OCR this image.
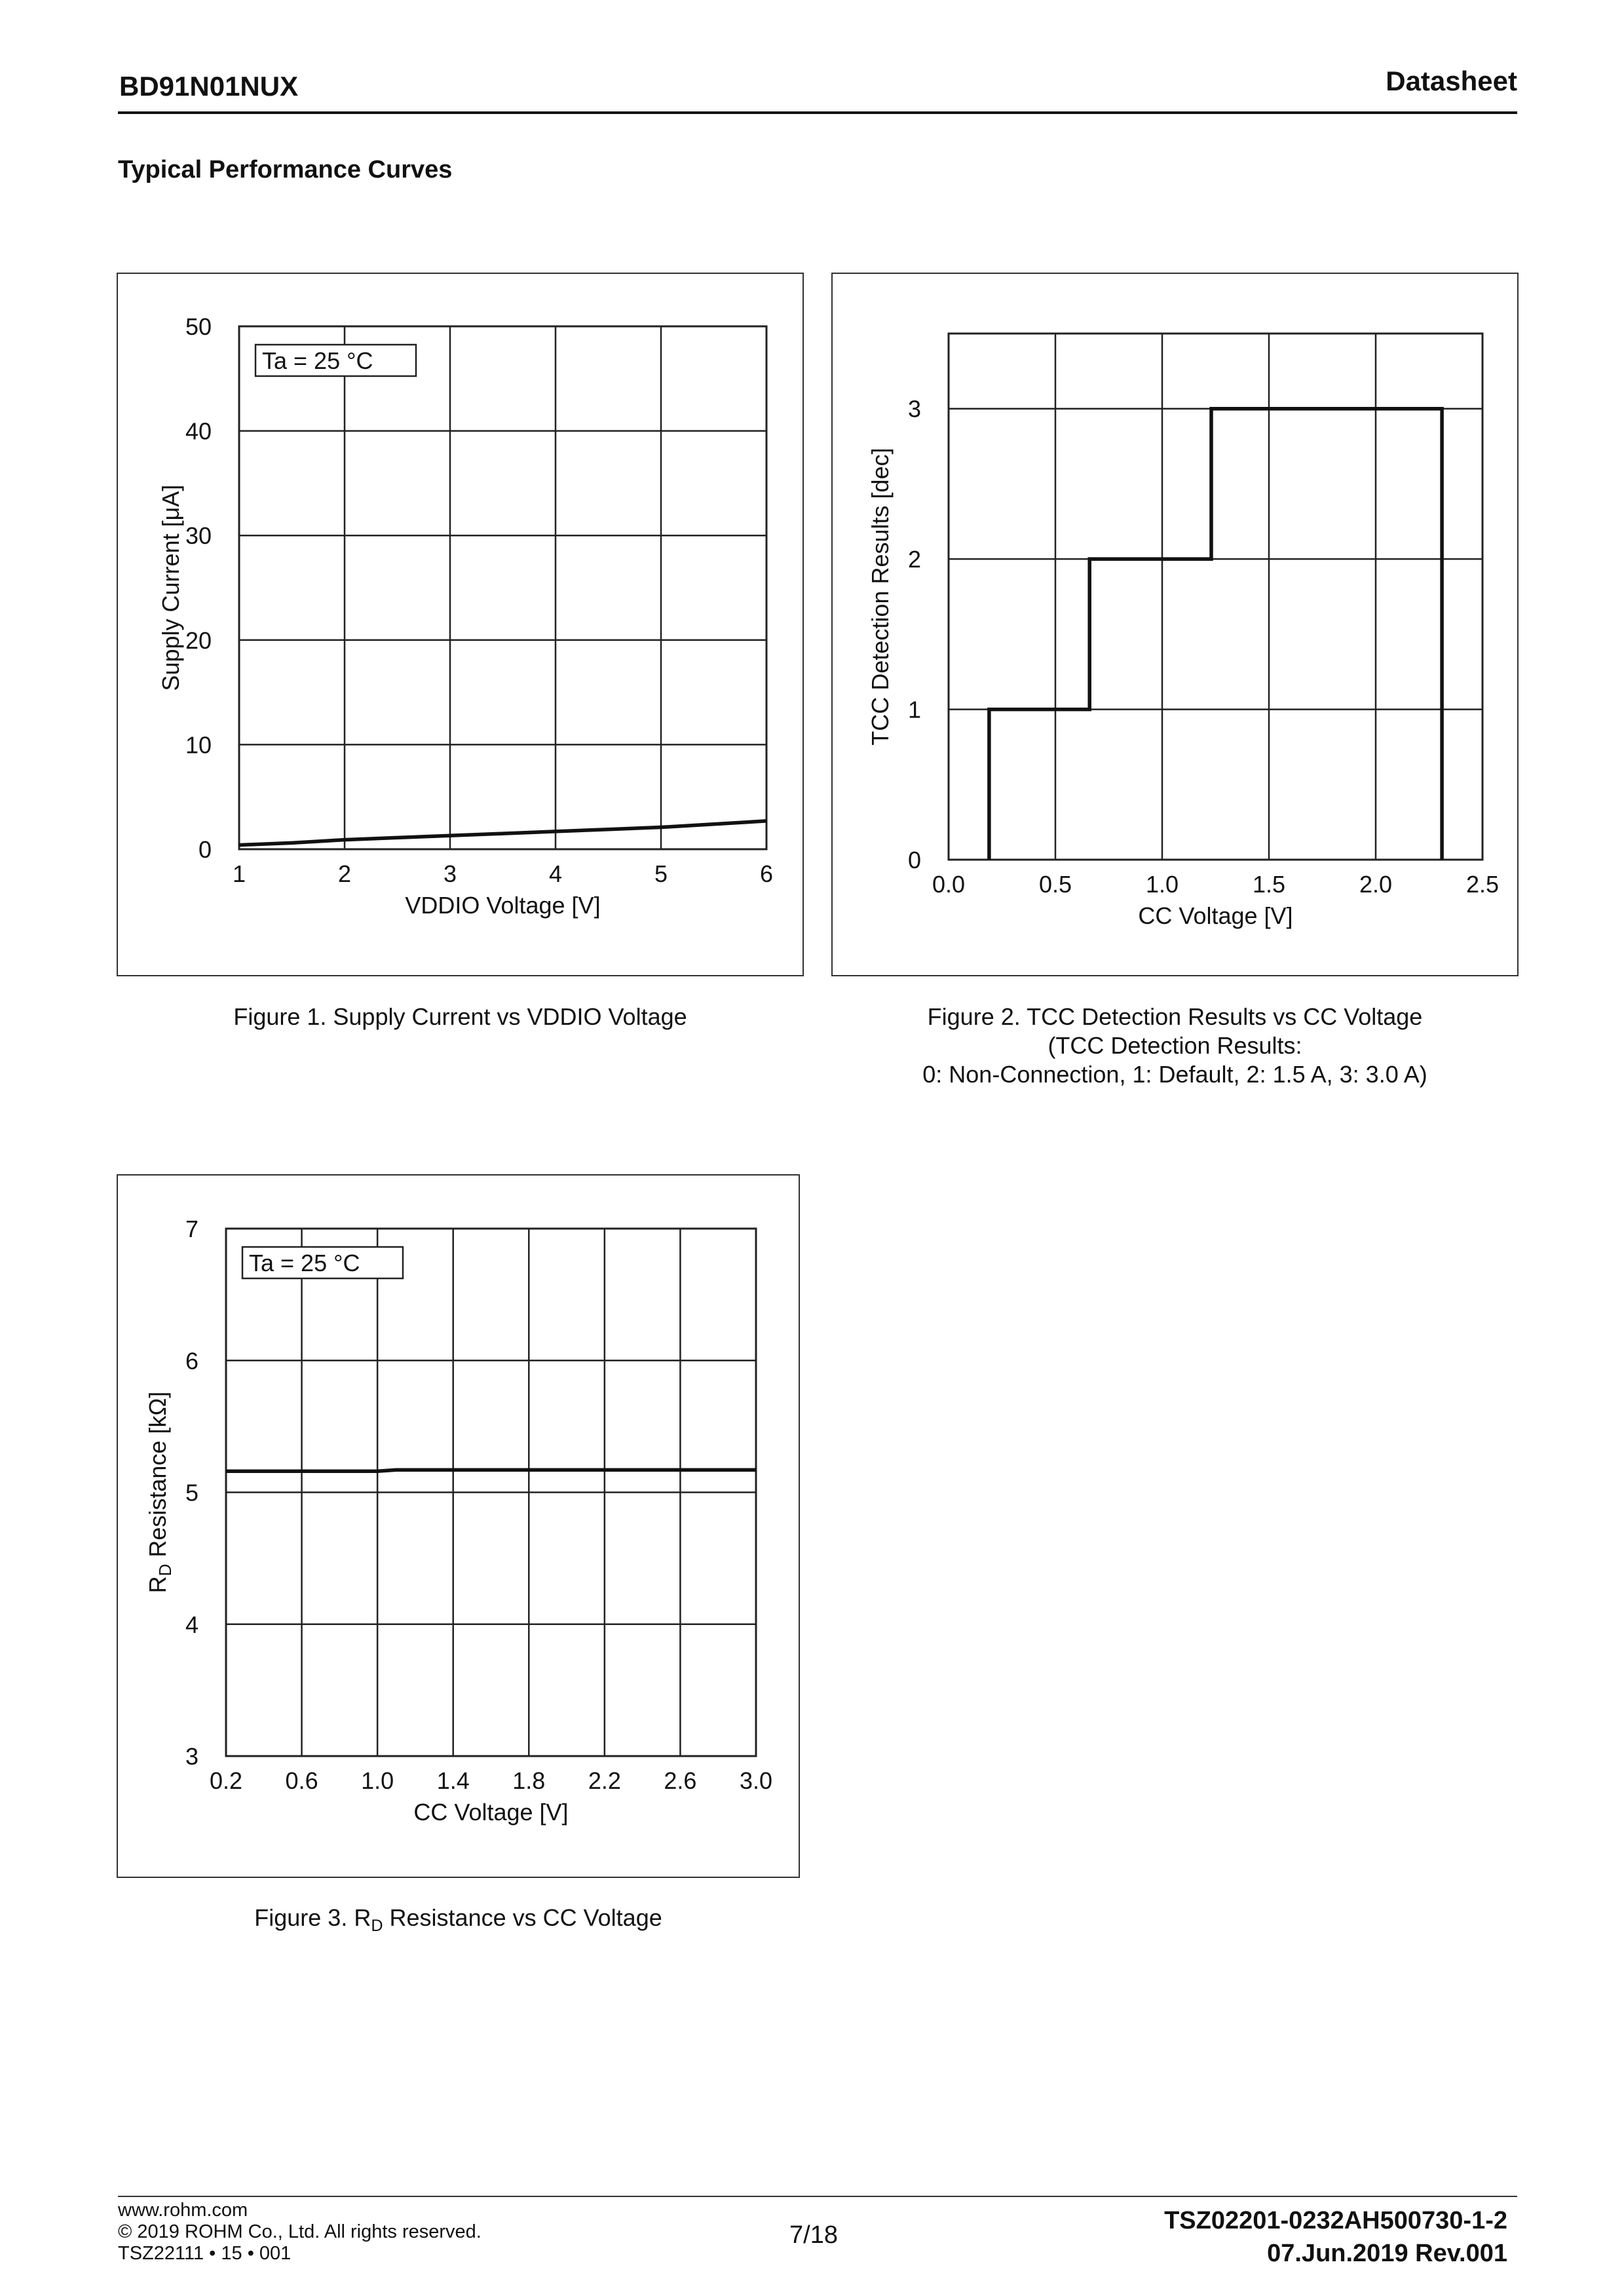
BD91N01NUX	Datasheet
Typical Performance Curves
1	2	3	4	5	6
0
10
20
30
40
50
VDDIO Voltage [V]
Supply Current [μA]
Ta = 25 °C
Figure 1. Supply Current vs VDDIO Voltage
0.0	0.5	1.0	1.5	2.0	2.5
0
1
2
3
CC Voltage [V]
TCC Detection Results [dec]
Figure 2. TCC Detection Results vs CC Voltage
(TCC Detection Results:
0: Non-Connection, 1: Default, 2: 1.5 A, 3: 3.0 A)
0.2 0.6 1.0 1.4 1.8 2.2 2.6 3.0
3
4
5
6
7
CC Voltage [V]
$R_D$ Resistance [kΩ]
Ta = 25 °C
Figure 3. $R_D$ Resistance vs CC Voltage
www.rohm.com
© 2019 ROHM Co., Ltd. All rights reserved.
TSZ22111 • 15 • 001
7/18
TSZ02201-0232AH500730-1-2
07.Jun.2019 Rev.001
